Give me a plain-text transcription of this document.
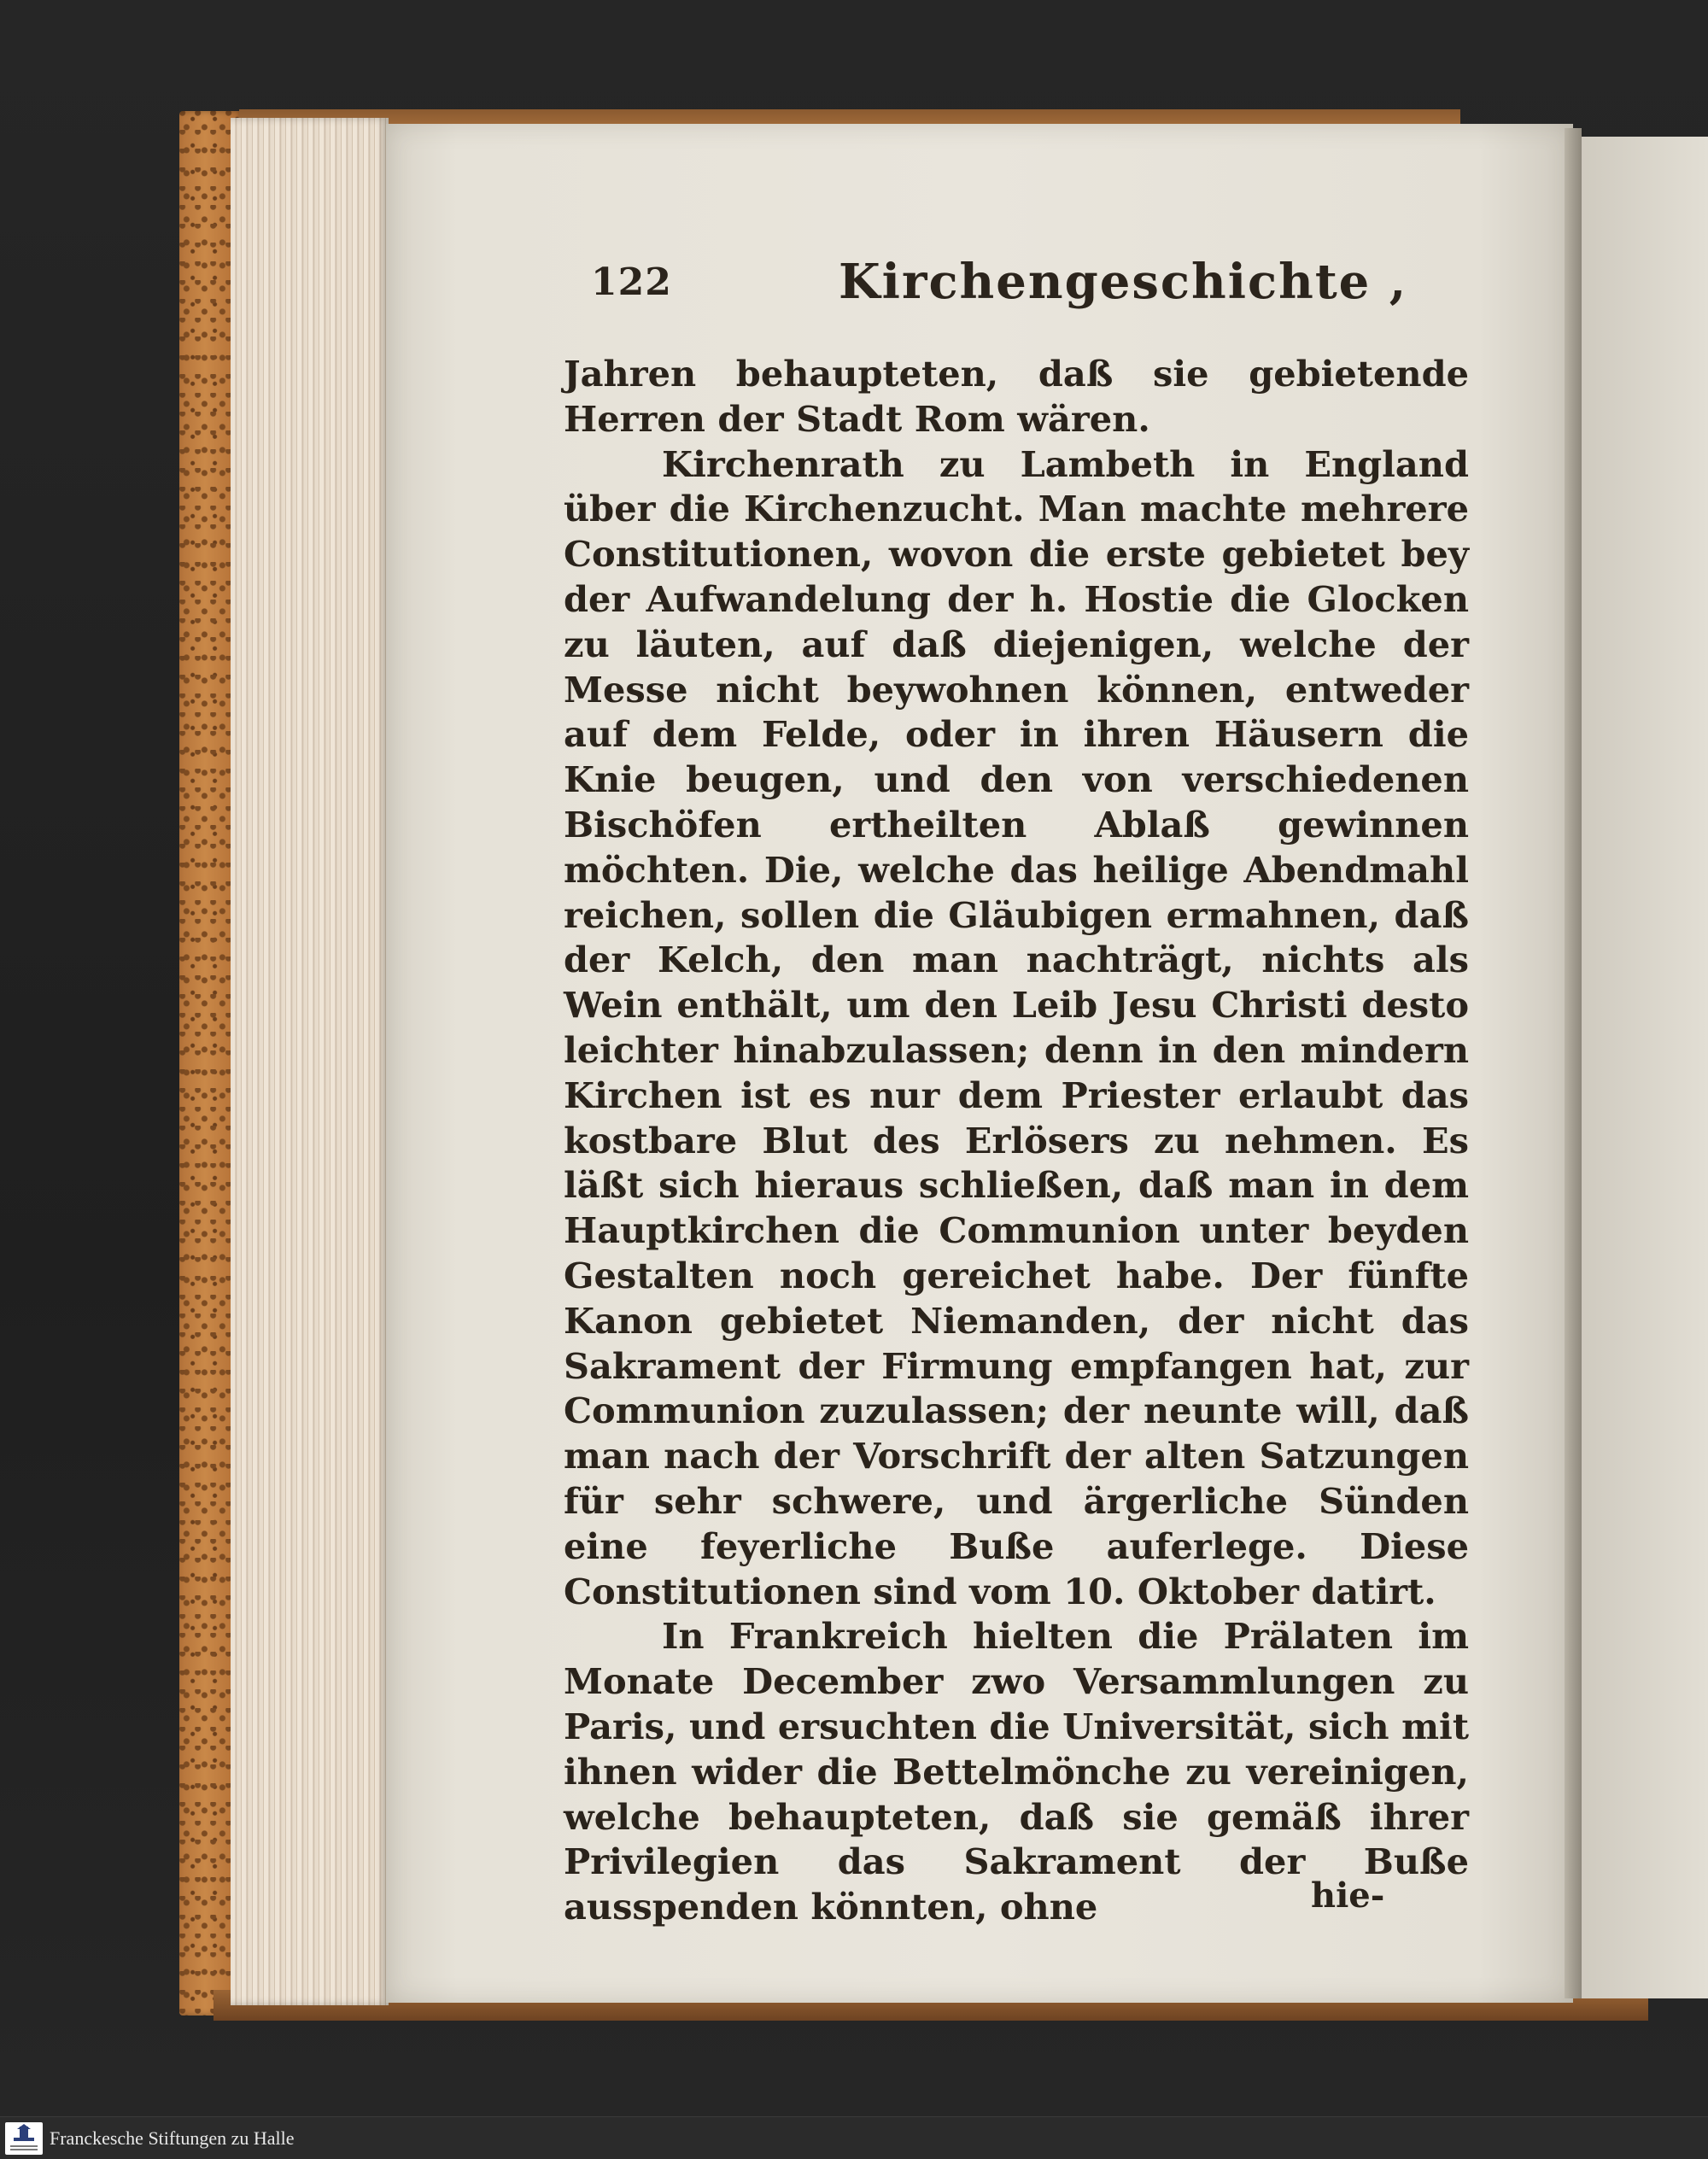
122	Kirchengeschichte ,

Jahren behaupteten, daß sie gebietende Herren der Stadt Rom wären.

Kirchenrath zu Lambeth in England über die Kirchenzucht. Man machte mehrere Constitutionen, wovon die erste gebietet bey der Aufwandelung der h. Hostie die Glocken zu läuten, auf daß diejenigen, welche der Messe nicht beywohnen können, entweder auf dem Felde, oder in ihren Häusern die Knie beugen, und den von verschiedenen Bischöfen ertheilten Ablaß gewinnen möchten. Die, welche das heilige Abendmahl reichen, sollen die Gläubigen ermahnen, daß der Kelch, den man nachträgt, nichts als Wein enthält, um den Leib Jesu Christi desto leichter hinabzulassen; denn in den mindern Kirchen ist es nur dem Priester erlaubt das kostbare Blut des Erlösers zu nehmen. Es läßt sich hieraus schließen, daß man in dem Hauptkirchen die Communion unter beyden Gestalten noch gereichet habe. Der fünfte Kanon gebietet Niemanden, der nicht das Sakrament der Firmung empfangen hat, zur Communion zuzulassen; der neunte will, daß man nach der Vorschrift der alten Satzungen für sehr schwere, und ärgerliche Sünden eine feyerliche Buße auferlege. Diese Constitutionen sind vom 10. Oktober datirt.

In Frankreich hielten die Prälaten im Monate December zwo Versammlungen zu Paris, und ersuchten die Universität, sich mit ihnen wider die Bettelmönche zu vereinigen, welche behaupteten, daß sie gemäß ihrer Privilegien das Sakrament der Buße ausspenden könnten, ohne	hie-
Franckesche Stiftungen zu Halle
